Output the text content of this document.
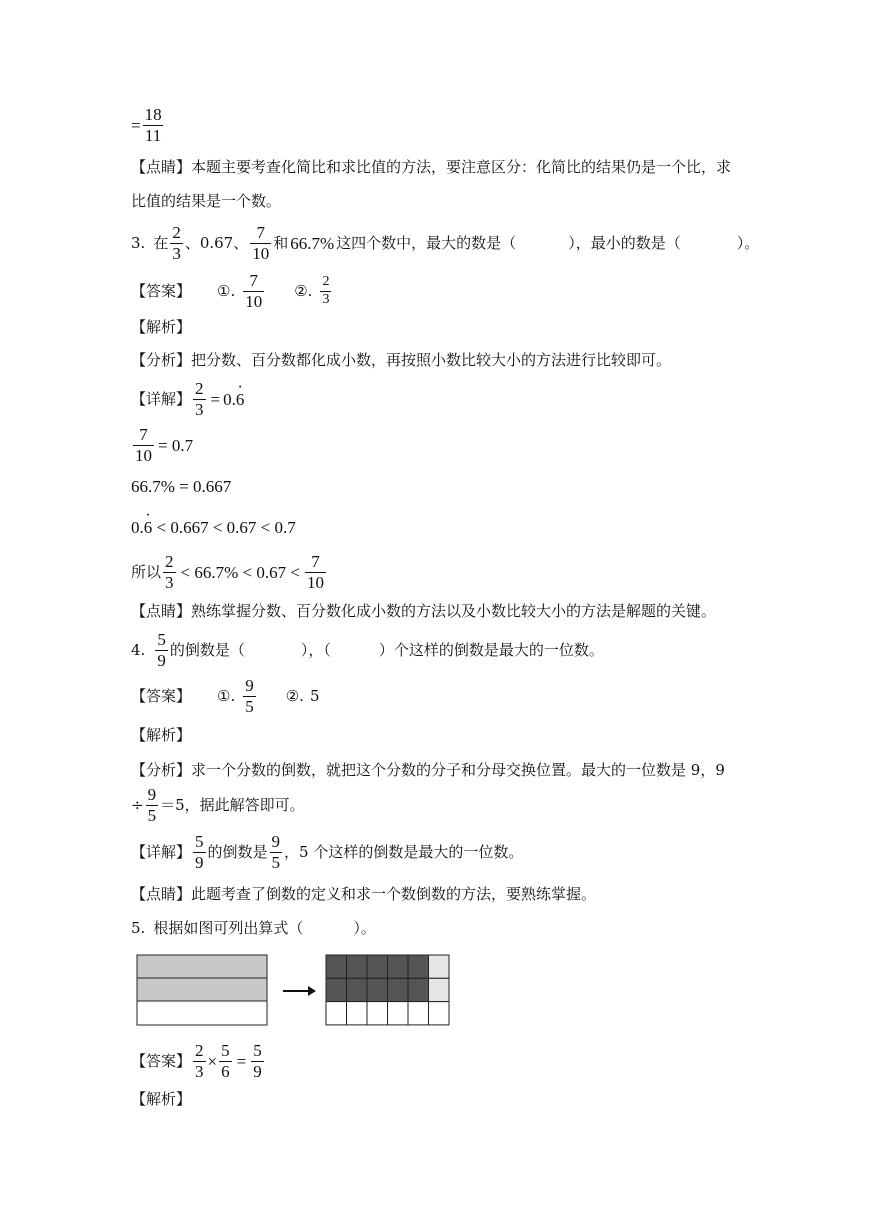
= $\frac{18}{11}$
【点睛】 本题主要考查化简比和求比值的方法，要注意区分：化简比的结果仍是一个比，求
比值的结果是一个数。
3. 在 $\frac{2}{3}$ 、0.67、 $\frac{7}{10}$ 和 66.7% 这四个数中，最大的数是（	），最小的数是（	）。
【答案】 ①. $\frac{7}{10}$ ②. $\frac{2}{3}$
【解析】
【分析】 把分数、百分数都化成小数，再按照小数比较大小的方法进行比较即可。
【详解】 $\frac{2}{3} = 0$. · 6
$\frac{7}{10} = 0.7$
66.7% = 0.667
0. · 6 < 0.667 < 0.67 < 0.7
所以 $\frac{2}{3} < 66.7\% < 0.67 < \frac{7}{10}$
【点睛】 熟练掌握分数、百分数化成小数的方法以及小数比较大小的方法是解题的关键。
4. $\frac{5}{9}$ 的倒数是（	），（	）个这样的倒数是最大的一位数。
【答案】 ①. $\frac{9}{5}$ ②. 5
【解析】
【分析】 求一个分数的倒数，就把这个分数的分子和分母交换位置。最大的一位数是 9，9
÷ $\frac{9}{5} =5$，据此解答即可。
【详解】 $\frac{5}{9}$ 的倒数是 $\frac{9}{5}$ ，5 个这样的倒数是最大的一位数。
【点睛】 此题考查了倒数的定义和求一个数倒数的方法，要熟练掌握。
5. 根据如图可列出算式（	）。
【答案】 $\frac{2}{3} \times \frac{5}{6} = \frac{5}{9}$
【解析】
